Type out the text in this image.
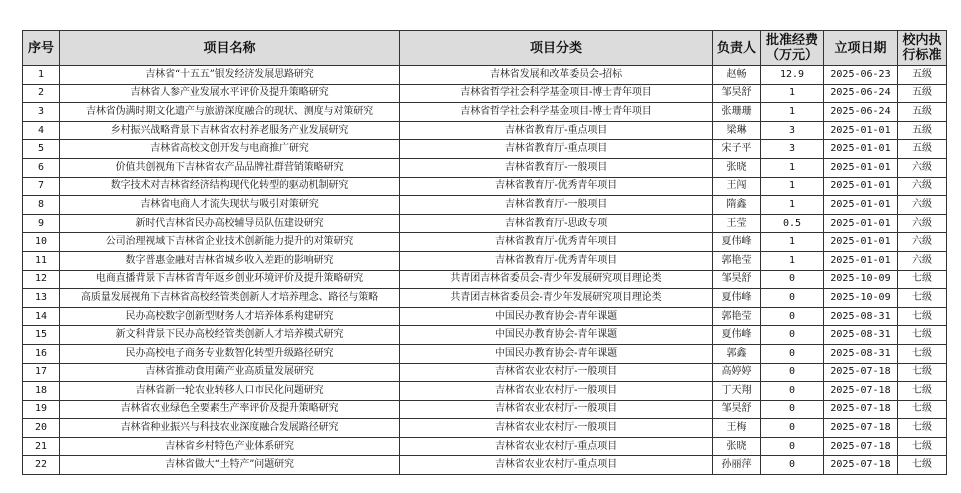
序号	项目名称	项目分类	负责人	批准经费（万元）	立项日期	校内执行标准
1	吉林省“十五五”银发经济发展思路研究	吉林省发展和改革委员会-招标	赵畅	12.9	2025-06-23	五级
2	吉林省人参产业发展水平评价及提升策略研究	吉林省哲学社会科学基金项目-博士青年项目	邹昊舒	1	2025-06-24	五级
3	吉林省伪满时期文化遗产与旅游深度融合的现状、测度与对策研究	吉林省哲学社会科学基金项目-博士青年项目	张珊珊	1	2025-06-24	五级
4	乡村振兴战略背景下吉林省农村养老服务产业发展研究	吉林省教育厅-重点项目	梁琳	3	2025-01-01	五级
5	吉林省高校文创开发与电商推广研究	吉林省教育厅-重点项目	宋子平	3	2025-01-01	五级
6	价值共创视角下吉林省农产品品牌社群营销策略研究	吉林省教育厅-一般项目	张晓	1	2025-01-01	六级
7	数字技术对吉林省经济结构现代化转型的驱动机制研究	吉林省教育厅-优秀青年项目	王闯	1	2025-01-01	六级
8	吉林省电商人才流失现状与吸引对策研究	吉林省教育厅-一般项目	隋鑫	1	2025-01-01	六级
9	新时代吉林省民办高校辅导员队伍建设研究	吉林省教育厅-思政专项	王莹	0.5	2025-01-01	六级
10	公司治理视域下吉林省企业技术创新能力提升的对策研究	吉林省教育厅-优秀青年项目	夏伟峰	1	2025-01-01	六级
11	数字普惠金融对吉林省城乡收入差距的影响研究	吉林省教育厅-优秀青年项目	郭艳莹	1	2025-01-01	六级
12	电商直播背景下吉林省青年返乡创业环境评价及提升策略研究	共青团吉林省委员会-青少年发展研究项目理论类	邹昊舒	0	2025-10-09	七级
13	高质量发展视角下吉林省高校经管类创新人才培养理念、路径与策略	共青团吉林省委员会-青少年发展研究项目理论类	夏伟峰	0	2025-10-09	七级
14	民办高校数字创新型财务人才培养体系构建研究	中国民办教育协会-青年课题	郭艳莹	0	2025-08-31	七级
15	新文科背景下民办高校经管类创新人才培养模式研究	中国民办教育协会-青年课题	夏伟峰	0	2025-08-31	七级
16	民办高校电子商务专业数智化转型升级路径研究	中国民办教育协会-青年课题	郭鑫	0	2025-08-31	七级
17	吉林省推动食用菌产业高质量发展研究	吉林省农业农村厅-一般项目	高婷婷	0	2025-07-18	七级
18	吉林省新一轮农业转移人口市民化问题研究	吉林省农业农村厅-一般项目	丁天翔	0	2025-07-18	七级
19	吉林省农业绿色全要素生产率评价及提升策略研究	吉林省农业农村厅-一般项目	邹昊舒	0	2025-07-18	七级
20	吉林省种业振兴与科技农业深度融合发展路径研究	吉林省农业农村厅-一般项目	王梅	0	2025-07-18	七级
21	吉林省乡村特色产业体系研究	吉林省农业农村厅-重点项目	张晓	0	2025-07-18	七级
22	吉林省做大“土特产”问题研究	吉林省农业农村厅-重点项目	孙丽萍	0	2025-07-18	七级
